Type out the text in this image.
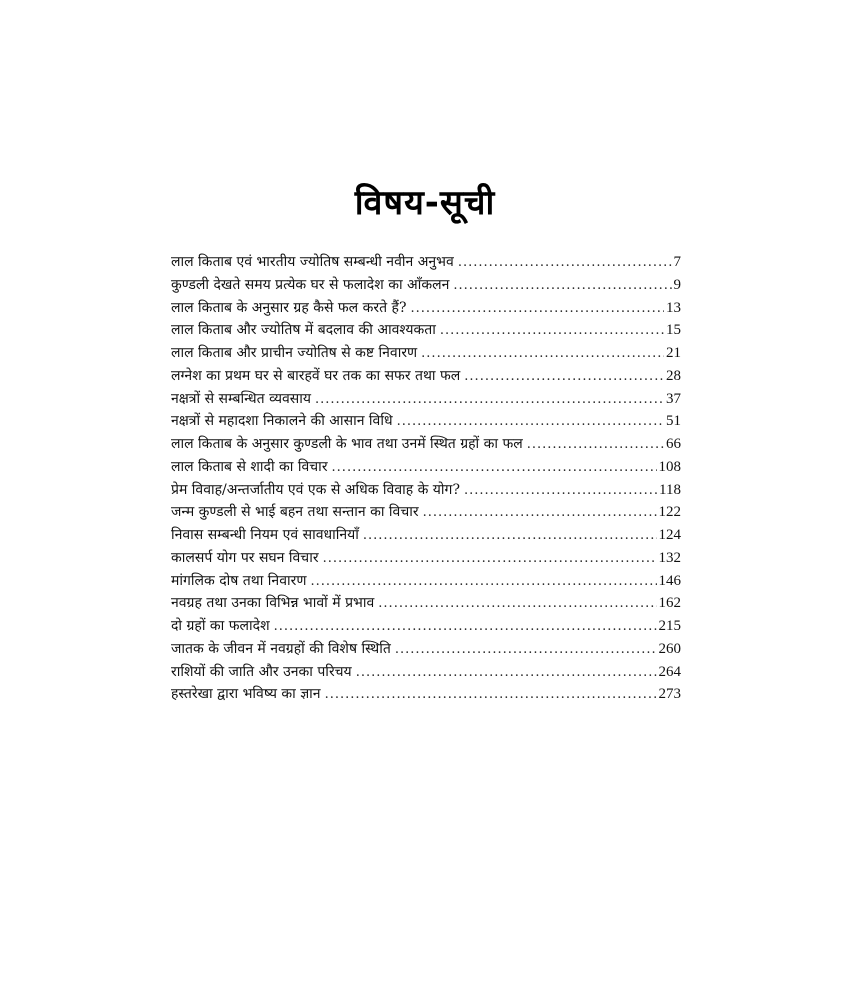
विषय-सूची
लाल किताब एवं भारतीय ज्योतिष सम्बन्धी नवीन अनुभव .....	7
कुण्डली देखते समय प्रत्येक घर से फलादेश का आँकलन .....	9
लाल किताब के अनुसार ग्रह कैसे फल करते हैं? .....	13
लाल किताब और ज्योतिष में बदलाव की आवश्यकता .....	15
लाल किताब और प्राचीन ज्योतिष से कष्ट निवारण .....	21
लग्नेश का प्रथम घर से बारहवें घर तक का सफर तथा फल .....	28
नक्षत्रों से सम्बन्धित व्यवसाय .....	37
नक्षत्रों से महादशा निकालने की आसान विधि .....	51
लाल किताब के अनुसार कुण्डली के भाव तथा उनमें स्थित ग्रहों का फल .....	66
लाल किताब से शादी का विचार .....	108
प्रेम विवाह/अन्तर्जातीय एवं एक से अधिक विवाह के योग? .....	118
जन्म कुण्डली से भाई बहन तथा सन्तान का विचार .....	122
निवास सम्बन्धी नियम एवं सावधानियाँ .....	124
कालसर्प योग पर सघन विचार .....	132
मांगलिक दोष तथा निवारण .....	146
नवग्रह तथा उनका विभिन्न भावों में प्रभाव .....	162
दो ग्रहों का फलादेश .....	215
जातक के जीवन में नवग्रहों की विशेष स्थिति .....	260
राशियों की जाति और उनका परिचय .....	264
हस्तरेखा द्वारा भविष्य का ज्ञान .....	273
